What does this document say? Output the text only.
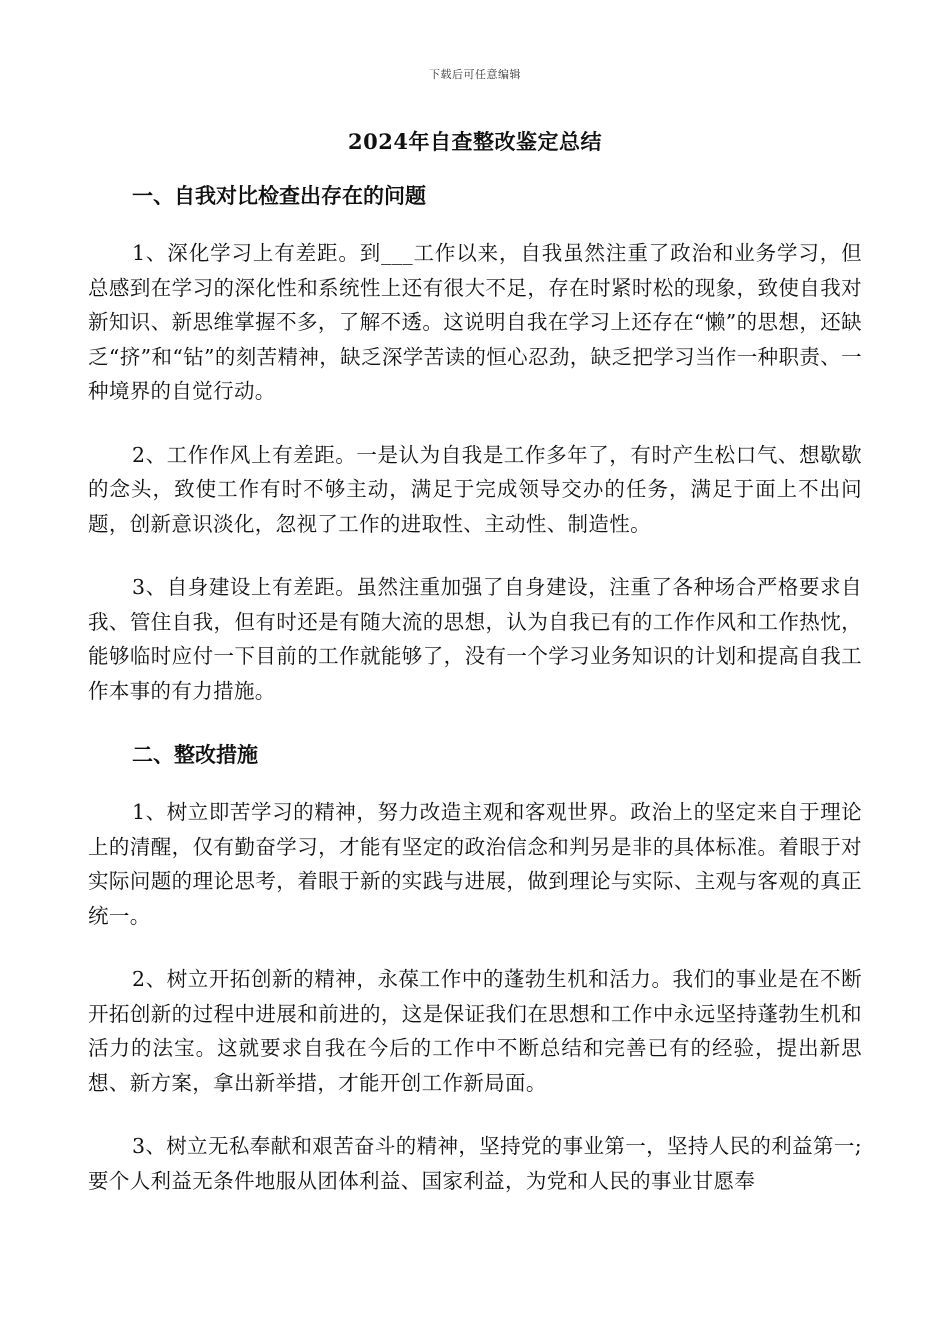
下载后可任意编辑
2024年自查整改鉴定总结
一、自我对比检查出存在的问题

1、深化学习上有差距。到___工作以来，自我虽然注重了政治和业务学习，但总感到在学习的深化性和系统性上还有很大不足，存在时紧时松的现象，致使自我对新知识、新思维掌握不多，了解不透。这说明自我在学习上还存在“懒”的思想，还缺乏“挤”和“钻”的刻苦精神，缺乏深学苦读的恒心忍劲，缺乏把学习当作一种职责、一种境界的自觉行动。

2、工作作风上有差距。一是认为自我是工作多年了，有时产生松口气、想歇歇的念头，致使工作有时不够主动，满足于完成领导交办的任务，满足于面上不出问题，创新意识淡化，忽视了工作的进取性、主动性、制造性。

3、自身建设上有差距。虽然注重加强了自身建设，注重了各种场合严格要求自我、管住自我，但有时还是有随大流的思想，认为自我已有的工作作风和工作热忱，能够临时应付一下目前的工作就能够了，没有一个学习业务知识的计划和提高自我工作本事的有力措施。

二、整改措施

1、树立即苦学习的精神，努力改造主观和客观世界。政治上的坚定来自于理论上的清醒，仅有勤奋学习，才能有坚定的政治信念和判另是非的具体标准。着眼于对实际问题的理论思考，着眼于新的实践与进展，做到理论与实际、主观与客观的真正统一。

2、树立开拓创新的精神，永葆工作中的蓬勃生机和活力。我们的事业是在不断开拓创新的过程中进展和前进的，这是保证我们在思想和工作中永远坚持蓬勃生机和活力的法宝。这就要求自我在今后的工作中不断总结和完善已有的经验，提出新思想、新方案，拿出新举措，才能开创工作新局面。

3、树立无私奉献和艰苦奋斗的精神，坚持党的事业第一，坚持人民的利益第一;要个人利益无条件地服从团体利益、国家利益，为党和人民的事业甘愿奉
